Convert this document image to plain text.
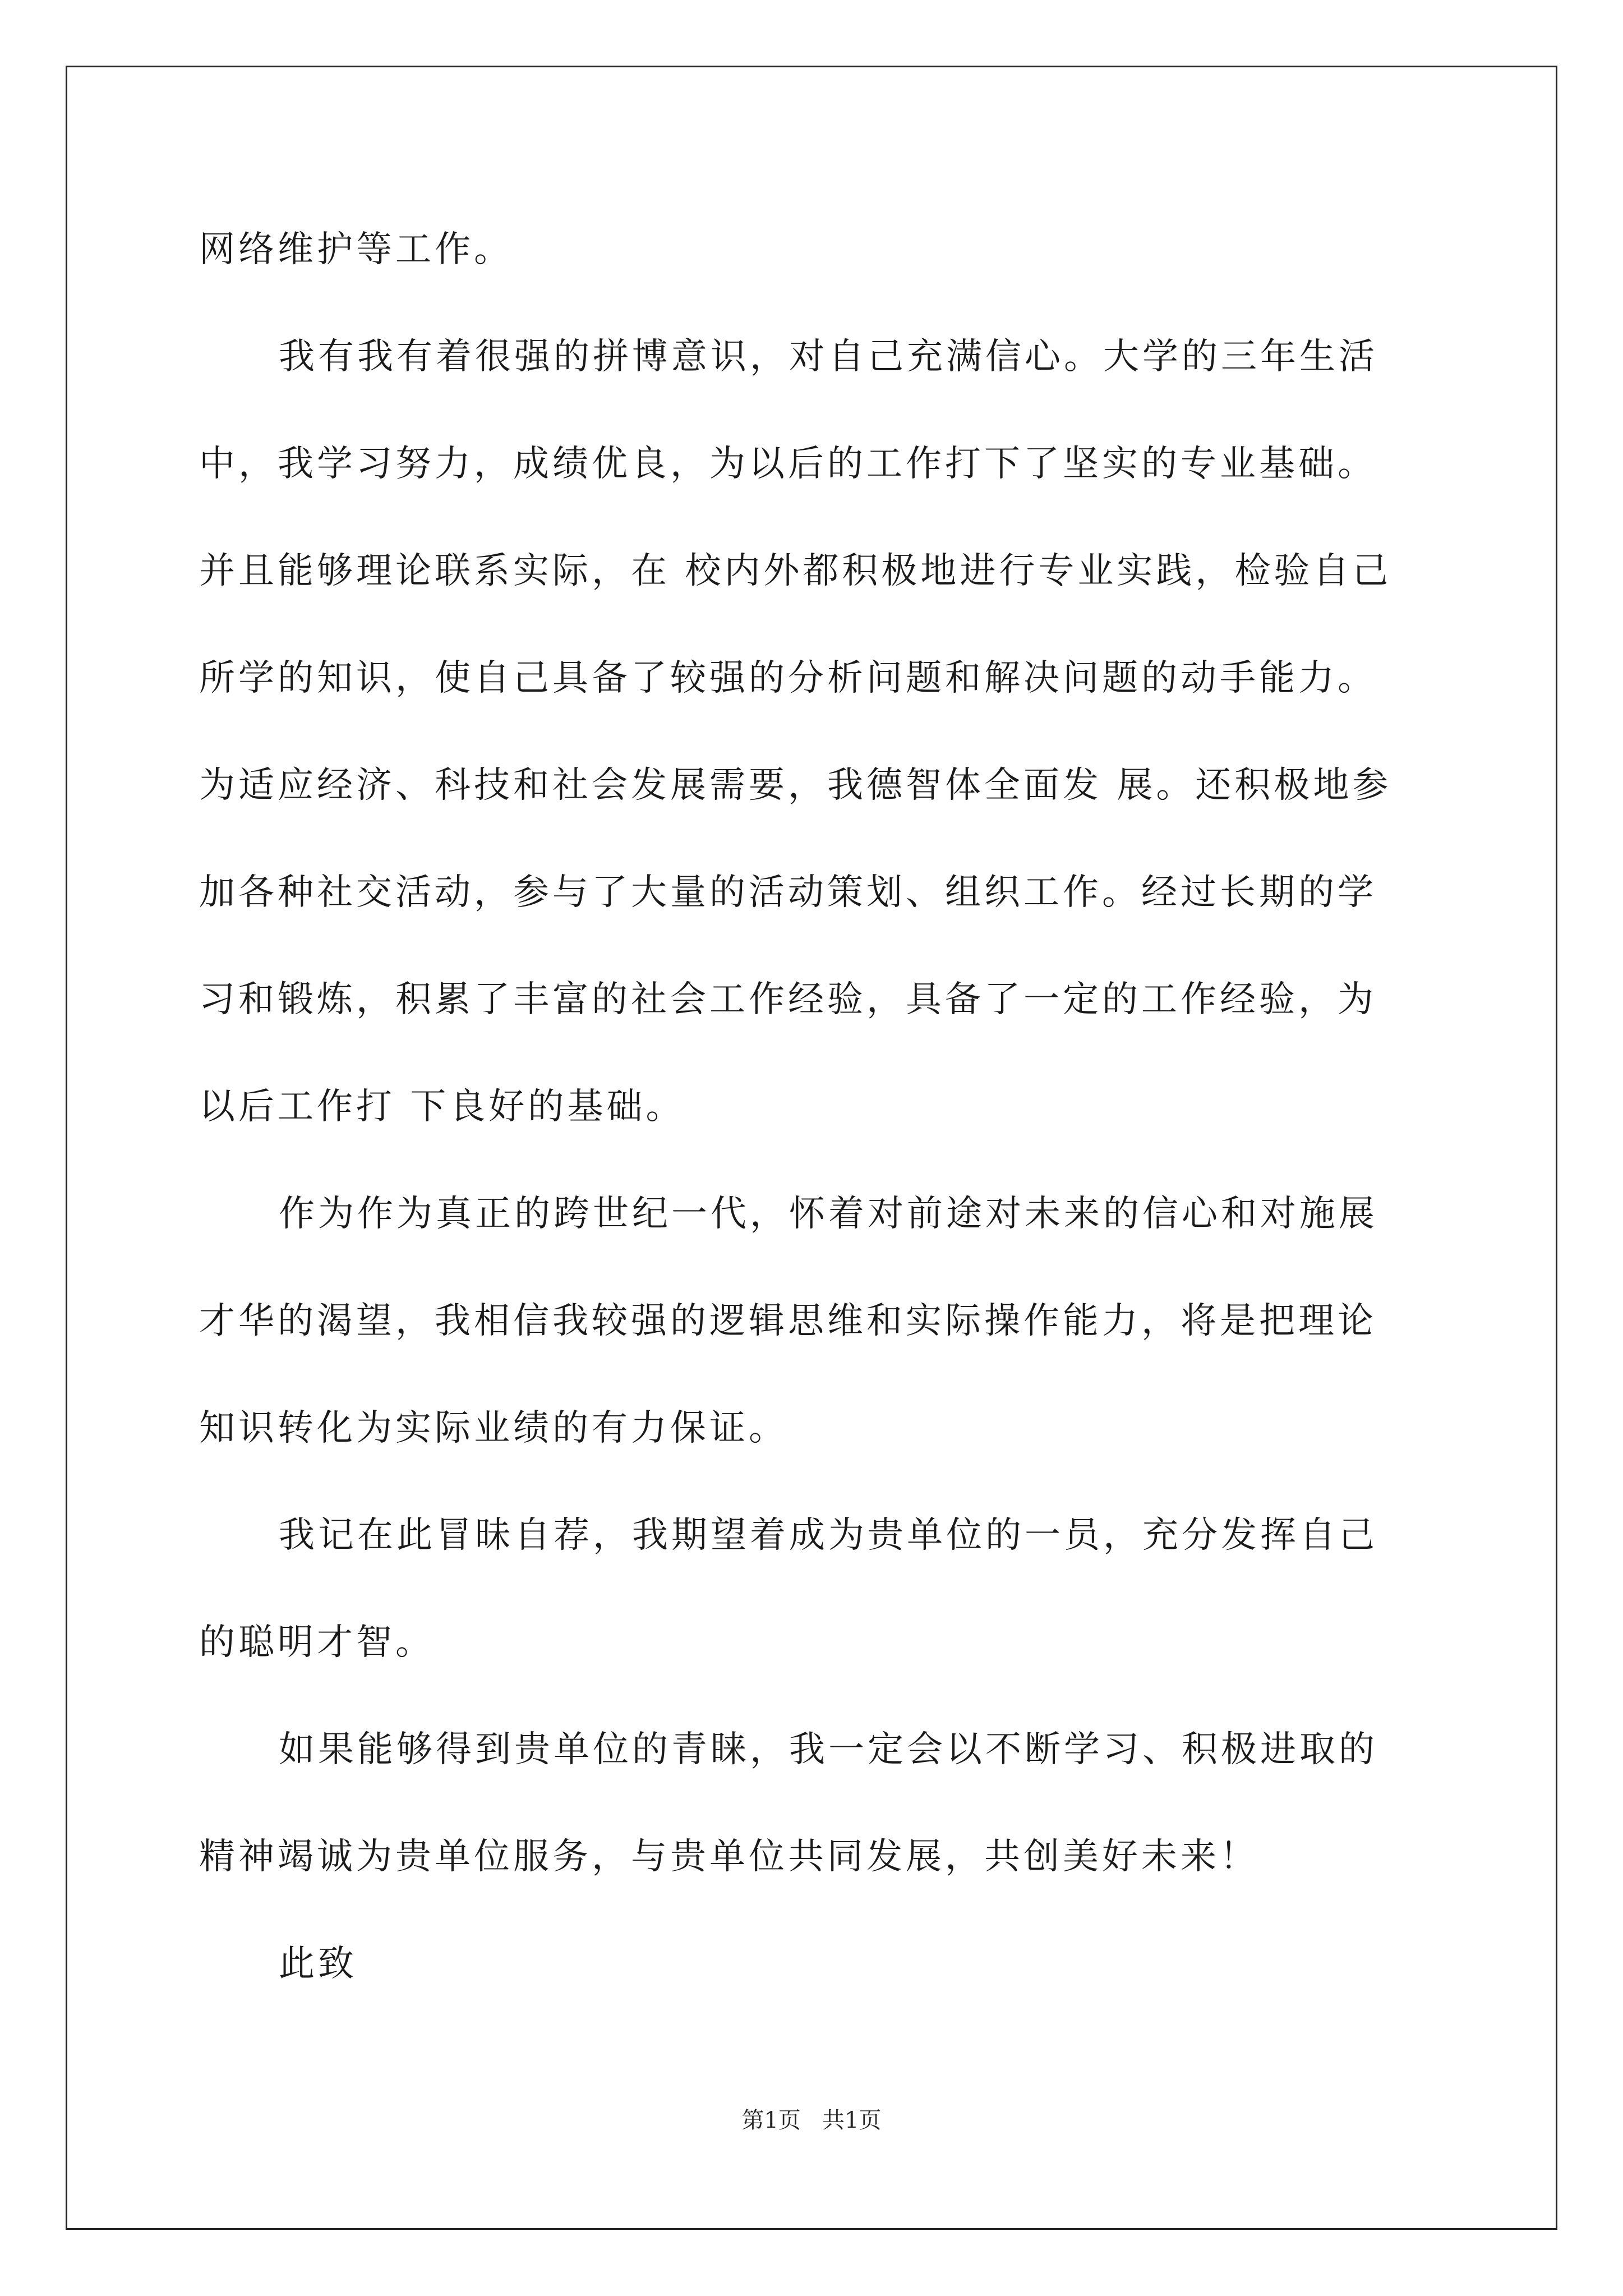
网络维护等工作。
我有我有着很强的拼博意识，对自己充满信心。大学的三年生活
中，我学习努力，成绩优良，为以后的工作打下了坚实的专业基础。
并且能够理论联系实际，在 校内外都积极地进行专业实践，检验自己
所学的知识，使自己具备了较强的分析问题和解决问题的动手能力。
为适应经济、科技和社会发展需要，我德智体全面发 展。还积极地参
加各种社交活动，参与了大量的活动策划、组织工作。经过长期的学
习和锻炼，积累了丰富的社会工作经验，具备了一定的工作经验，为
以后工作打 下良好的基础。
作为作为真正的跨世纪一代，怀着对前途对未来的信心和对施展
才华的渴望，我相信我较强的逻辑思维和实际操作能力，将是把理论
知识转化为实际业绩的有力保证。
我记在此冒昧自荐，我期望着成为贵单位的一员，充分发挥自己
的聪明才智。
如果能够得到贵单位的青睐，我一定会以不断学习、积极进取的
精神竭诚为贵单位服务，与贵单位共同发展，共创美好未来！
此致
第1页   共1页
